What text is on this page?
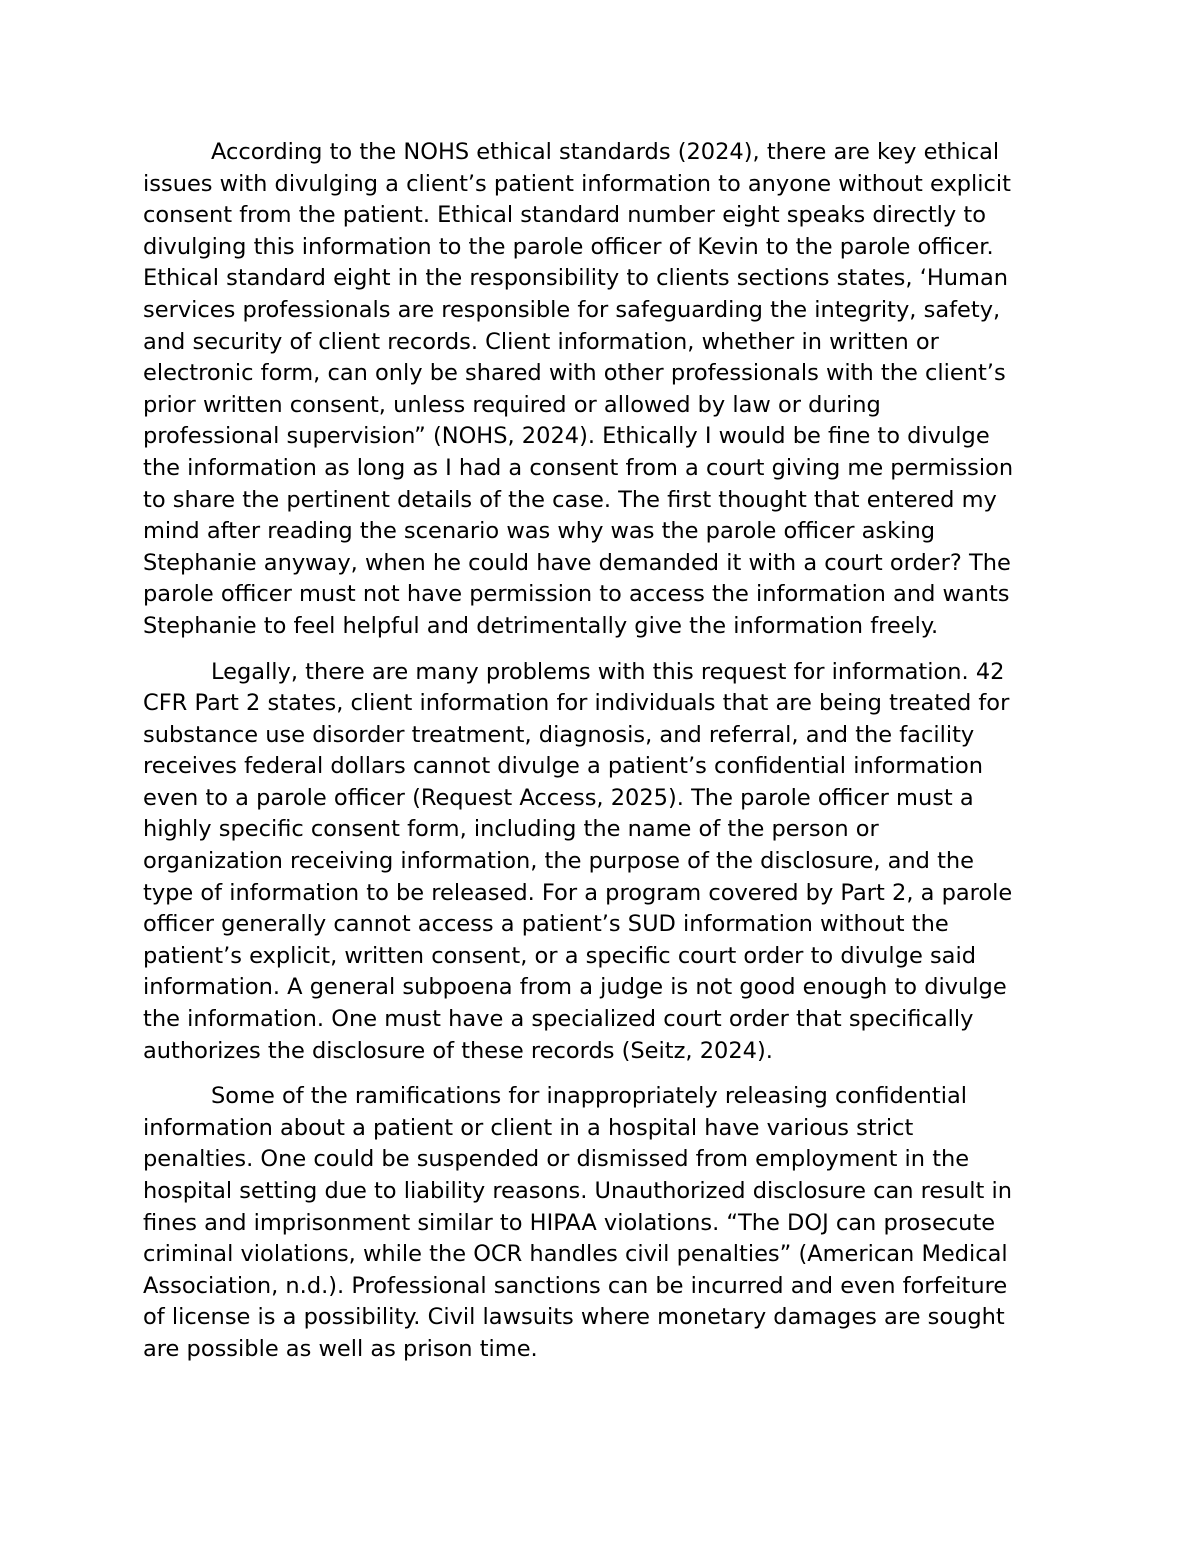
According to the NOHS ethical standards (2024), there are key ethical
issues with divulging a client’s patient information to anyone without explicit
consent from the patient. Ethical standard number eight speaks directly to
divulging this information to the parole officer of Kevin to the parole officer.
Ethical standard eight in the responsibility to clients sections states, ‘Human
services professionals are responsible for safeguarding the integrity, safety,
and security of client records. Client information, whether in written or
electronic form, can only be shared with other professionals with the client’s
prior written consent, unless required or allowed by law or during
professional supervision” (NOHS, 2024). Ethically I would be fine to divulge
the information as long as I had a consent from a court giving me permission
to share the pertinent details of the case. The first thought that entered my
mind after reading the scenario was why was the parole officer asking
Stephanie anyway, when he could have demanded it with a court order? The
parole officer must not have permission to access the information and wants
Stephanie to feel helpful and detrimentally give the information freely.

Legally, there are many problems with this request for information. 42
CFR Part 2 states, client information for individuals that are being treated for
substance use disorder treatment, diagnosis, and referral, and the facility
receives federal dollars cannot divulge a patient’s confidential information
even to a parole officer (Request Access, 2025). The parole officer must a
highly specific consent form, including the name of the person or
organization receiving information, the purpose of the disclosure, and the
type of information to be released. For a program covered by Part 2, a parole
officer generally cannot access a patient’s SUD information without the
patient’s explicit, written consent, or a specific court order to divulge said
information. A general subpoena from a judge is not good enough to divulge
the information. One must have a specialized court order that specifically
authorizes the disclosure of these records (Seitz, 2024).

Some of the ramifications for inappropriately releasing confidential
information about a patient or client in a hospital have various strict
penalties. One could be suspended or dismissed from employment in the
hospital setting due to liability reasons. Unauthorized disclosure can result in
fines and imprisonment similar to HIPAA violations. “The DOJ can prosecute
criminal violations, while the OCR handles civil penalties” (American Medical
Association, n.d.). Professional sanctions can be incurred and even forfeiture
of license is a possibility. Civil lawsuits where monetary damages are sought
are possible as well as prison time.
